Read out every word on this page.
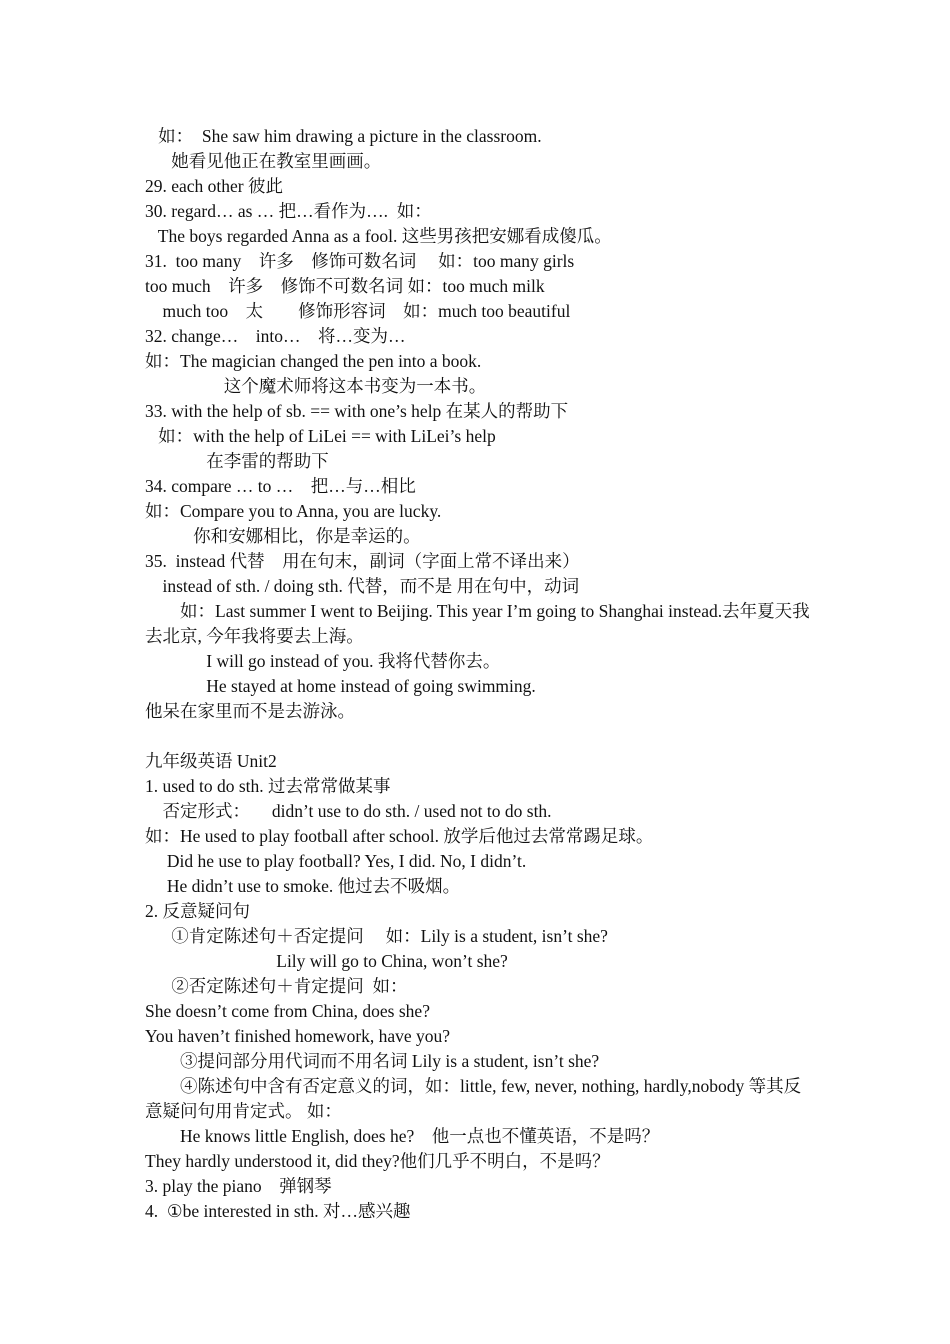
如：  She saw him drawing a picture in the classroom.
她看见他正在教室里画画。
29. each other 彼此
30. regard… as … 把…看作为….  如：
The boys regarded Anna as a fool. 这些男孩把安娜看成傻瓜。
31.  too many    许多    修饰可数名词     如：too many girls
too much    许多    修饰不可数名词 如：too much milk
much too    太        修饰形容词    如：much too beautiful
32. change…    into…    将…变为…
如：The magician changed the pen into a book.
这个魔术师将这本书变为一本书。
33. with the help of sb. == with one’s help 在某人的帮助下
如：with the help of LiLei == with LiLei’s help
在李雷的帮助下
34. compare … to …    把…与…相比
如：Compare you to Anna, you are lucky.
你和安娜相比，你是幸运的。
35.  instead 代替    用在句末，副词（字面上常不译出来）
instead of sth. / doing sth. 代替，而不是 用在句中，动词
如：Last summer I went to Beijing. This year I’m going to Shanghai instead.去年夏天我去北京, 今年我将要去上海。
I will go instead of you. 我将代替你去。
He stayed at home instead of going swimming.
他呆在家里而不是去游泳。
九年级英语 Unit2
1. used to do sth. 过去常常做某事
否定形式：     didn’t use to do sth. / used not to do sth.
如：He used to play football after school. 放学后他过去常常踢足球。
Did he use to play football? Yes, I did. No, I didn’t.
He didn’t use to smoke. 他过去不吸烟。
2. 反意疑问句
①肯定陈述句＋否定提问     如：Lily is a student, isn’t she?
Lily will go to China, won’t she?
②否定陈述句＋肯定提问  如：
She doesn’t come from China, does she?
You haven’t finished homework, have you?
③提问部分用代词而不用名词 Lily is a student, isn’t she?
④陈述句中含有否定意义的词，如：little, few, never, nothing, hardly,nobody 等其反意疑问句用肯定式。 如：
He knows little English, does he?    他一点也不懂英语，不是吗？
They hardly understood it, did they?他们几乎不明白，不是吗？
3. play the piano    弹钢琴
4.  ①be interested in sth. 对…感兴趣
